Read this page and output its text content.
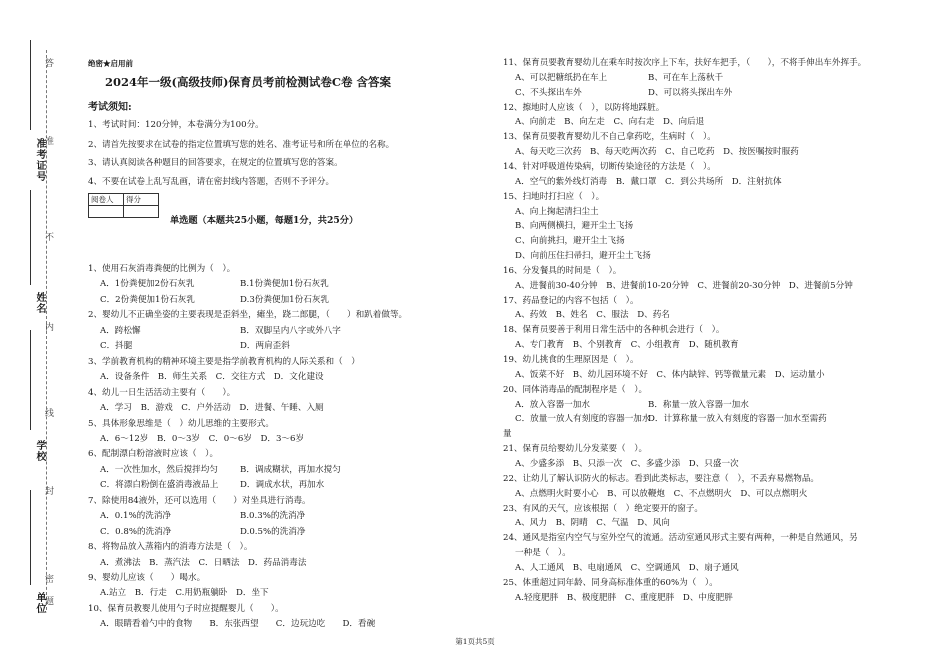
准考证号
姓名
学校
单位
答
准
不
内
线
封
密
题
绝密★启用前
2024年一级(高级技师)保育员考前检测试卷C卷 含答案
考试须知:
1、考试时间：120分钟，本卷满分为100分。
2、请首先按要求在试卷的指定位置填写您的姓名、准考证号和所在单位的名称。
3、请认真阅读各种题目的回答要求，在规定的位置填写您的答案。
4、不要在试卷上乱写乱画，请在密封线内答题，否则不予评分。
阅卷人	得分

单选题（本题共25小题，每题1分，共25分）
1、使用石灰消毒粪便的比例为（　）。
A．1份粪便加2份石灰乳	B.1份粪便加1份石灰乳
C．2份粪便加1份石灰乳	D.3份粪便加1份石灰乳
2、婴幼儿不正确坐姿的主要表现是歪斜坐，瘫坐，跷二郎腿，（　　）和趴着做等。
A．跨松懈	B．双脚呈内八字或外八字
C．抖腿	D．两肩歪斜
3、学前教育机构的精神环境主要是指学前教育机构的人际关系和（　）
A．设备条件　B．师生关系　C．交往方式　D．文化建设
4、幼儿一日生活活动主要有（　　）。
A．学习　B．游戏　C．户外活动　D．进餐、午睡、入厕
5、具体形象思维是（　）幼儿思维的主要形式。
A．6～12岁　B．0～3岁　C．0～6岁　D．3～6岁
6、配制漂白粉溶液时应该（　）。
A．一次性加水，然后搅拌均匀	B．调成糊状，再加水搅匀
C．将漂白粉倒在盛消毒液品上	D．调成水状，再加水
7、除使用84液外，还可以选用（　　）对坐具进行消毒。
A．0.1%的洗消净	B.0.3%的洗消净
C．0.8%的洗消净	D.0.5%的洗消净
8、将物品放入蒸箱内的消毒方法是（　）。
A．煮沸法　B．蒸汽法　C．日晒法　D．药品消毒法
9、婴幼儿应该（　　）喝水。
A.站立　B．行走　C.用奶瓶躺卧　D．坐下
10、保育员教婴儿使用勺子时应提醒婴儿（　　）。
A．眼睛看着勺中的食物　　B．东张西望　　C．边玩边吃　　D．看碗
11、保育员要教育婴幼儿在乘车时按次序上下车，扶好车把手，（　　），不将手伸出车外挥手。
A、可以把糖纸扔在车上	B、可在车上荡秋千
C、不头探出车外	D、可以将头探出车外
12、擦地时人应该（　），以防将地踩脏。
A、向前走　B、向左走　C、向右走　D、向后退
13、保育员要教育婴幼儿不自己拿药吃，生病时（　）。
A、每天吃三次药　B、每天吃两次药　C、自己吃药　D、按医嘱按时服药
14、针对呼吸道传染病，切断传染途径的方法是（　）。
A．空气的紫外线灯消毒　B．戴口罩　C．到公共场所　D．注射抗体
15、扫地时打扫应（　）。
A、向上掬起清扫尘土
B、向两侧横扫，避开尘土飞扬
C、向前挑扫，避开尘土飞扬
D、向前压住扫帚扫，避开尘土飞扬
16、分发餐具的时间是（　）。
A、进餐前30-40分钟　B、进餐前10-20分钟　C、进餐前20-30分钟　D、进餐前5分钟
17、药品登记的内容不包括（　）。
A、药效　B、姓名　C、服法　D、药名
18、保育员要善于利用日常生活中的各种机会进行（　）。
A、专门教育　B、个别教育　C、小组教育　D、随机教育
19、幼儿挑食的生理原因是（　）。
A、饭菜不好　B、幼儿园环境不好　C、体内缺锌、钙等微量元素　D、运动量小
20、同体消毒品的配制程序是（　）。
A．放入容器一加水	B．称量一放入容器一加水
C．放量一放人有刻度的容器一加水
D．计算称量一放入有刻度的容器一加水至需药
量
21、保育员给婴幼儿分发菜要（　）。
A、少盛多添　B、只添一次　C、多盛少添　D、只盛一次
22、让幼儿了解认识防火的标志。看到此类标志，要注意（　），不丢弃易燃物品。
A、点燃明火时要小心　B、可以放鞭炮　C、不点燃明火　D、可以点燃明火
23、有风的天气，应该根据（　）绝定要开的窗子。
A、风力　B、阴晴　C、气温　D、风向
24、通风是指室内空气与室外空气的流通。活动室通风形式主要有两种，一种是自然通风，另
一种是（　）。
A、人工通风　B、电扇通风　C、空调通风　D、扇子通风
25、体重超过同年龄、同身高标准体重的60%为（　）。
A.轻度肥胖　B、极度肥胖　C、重度肥胖　D、中度肥胖
第1页共5页
